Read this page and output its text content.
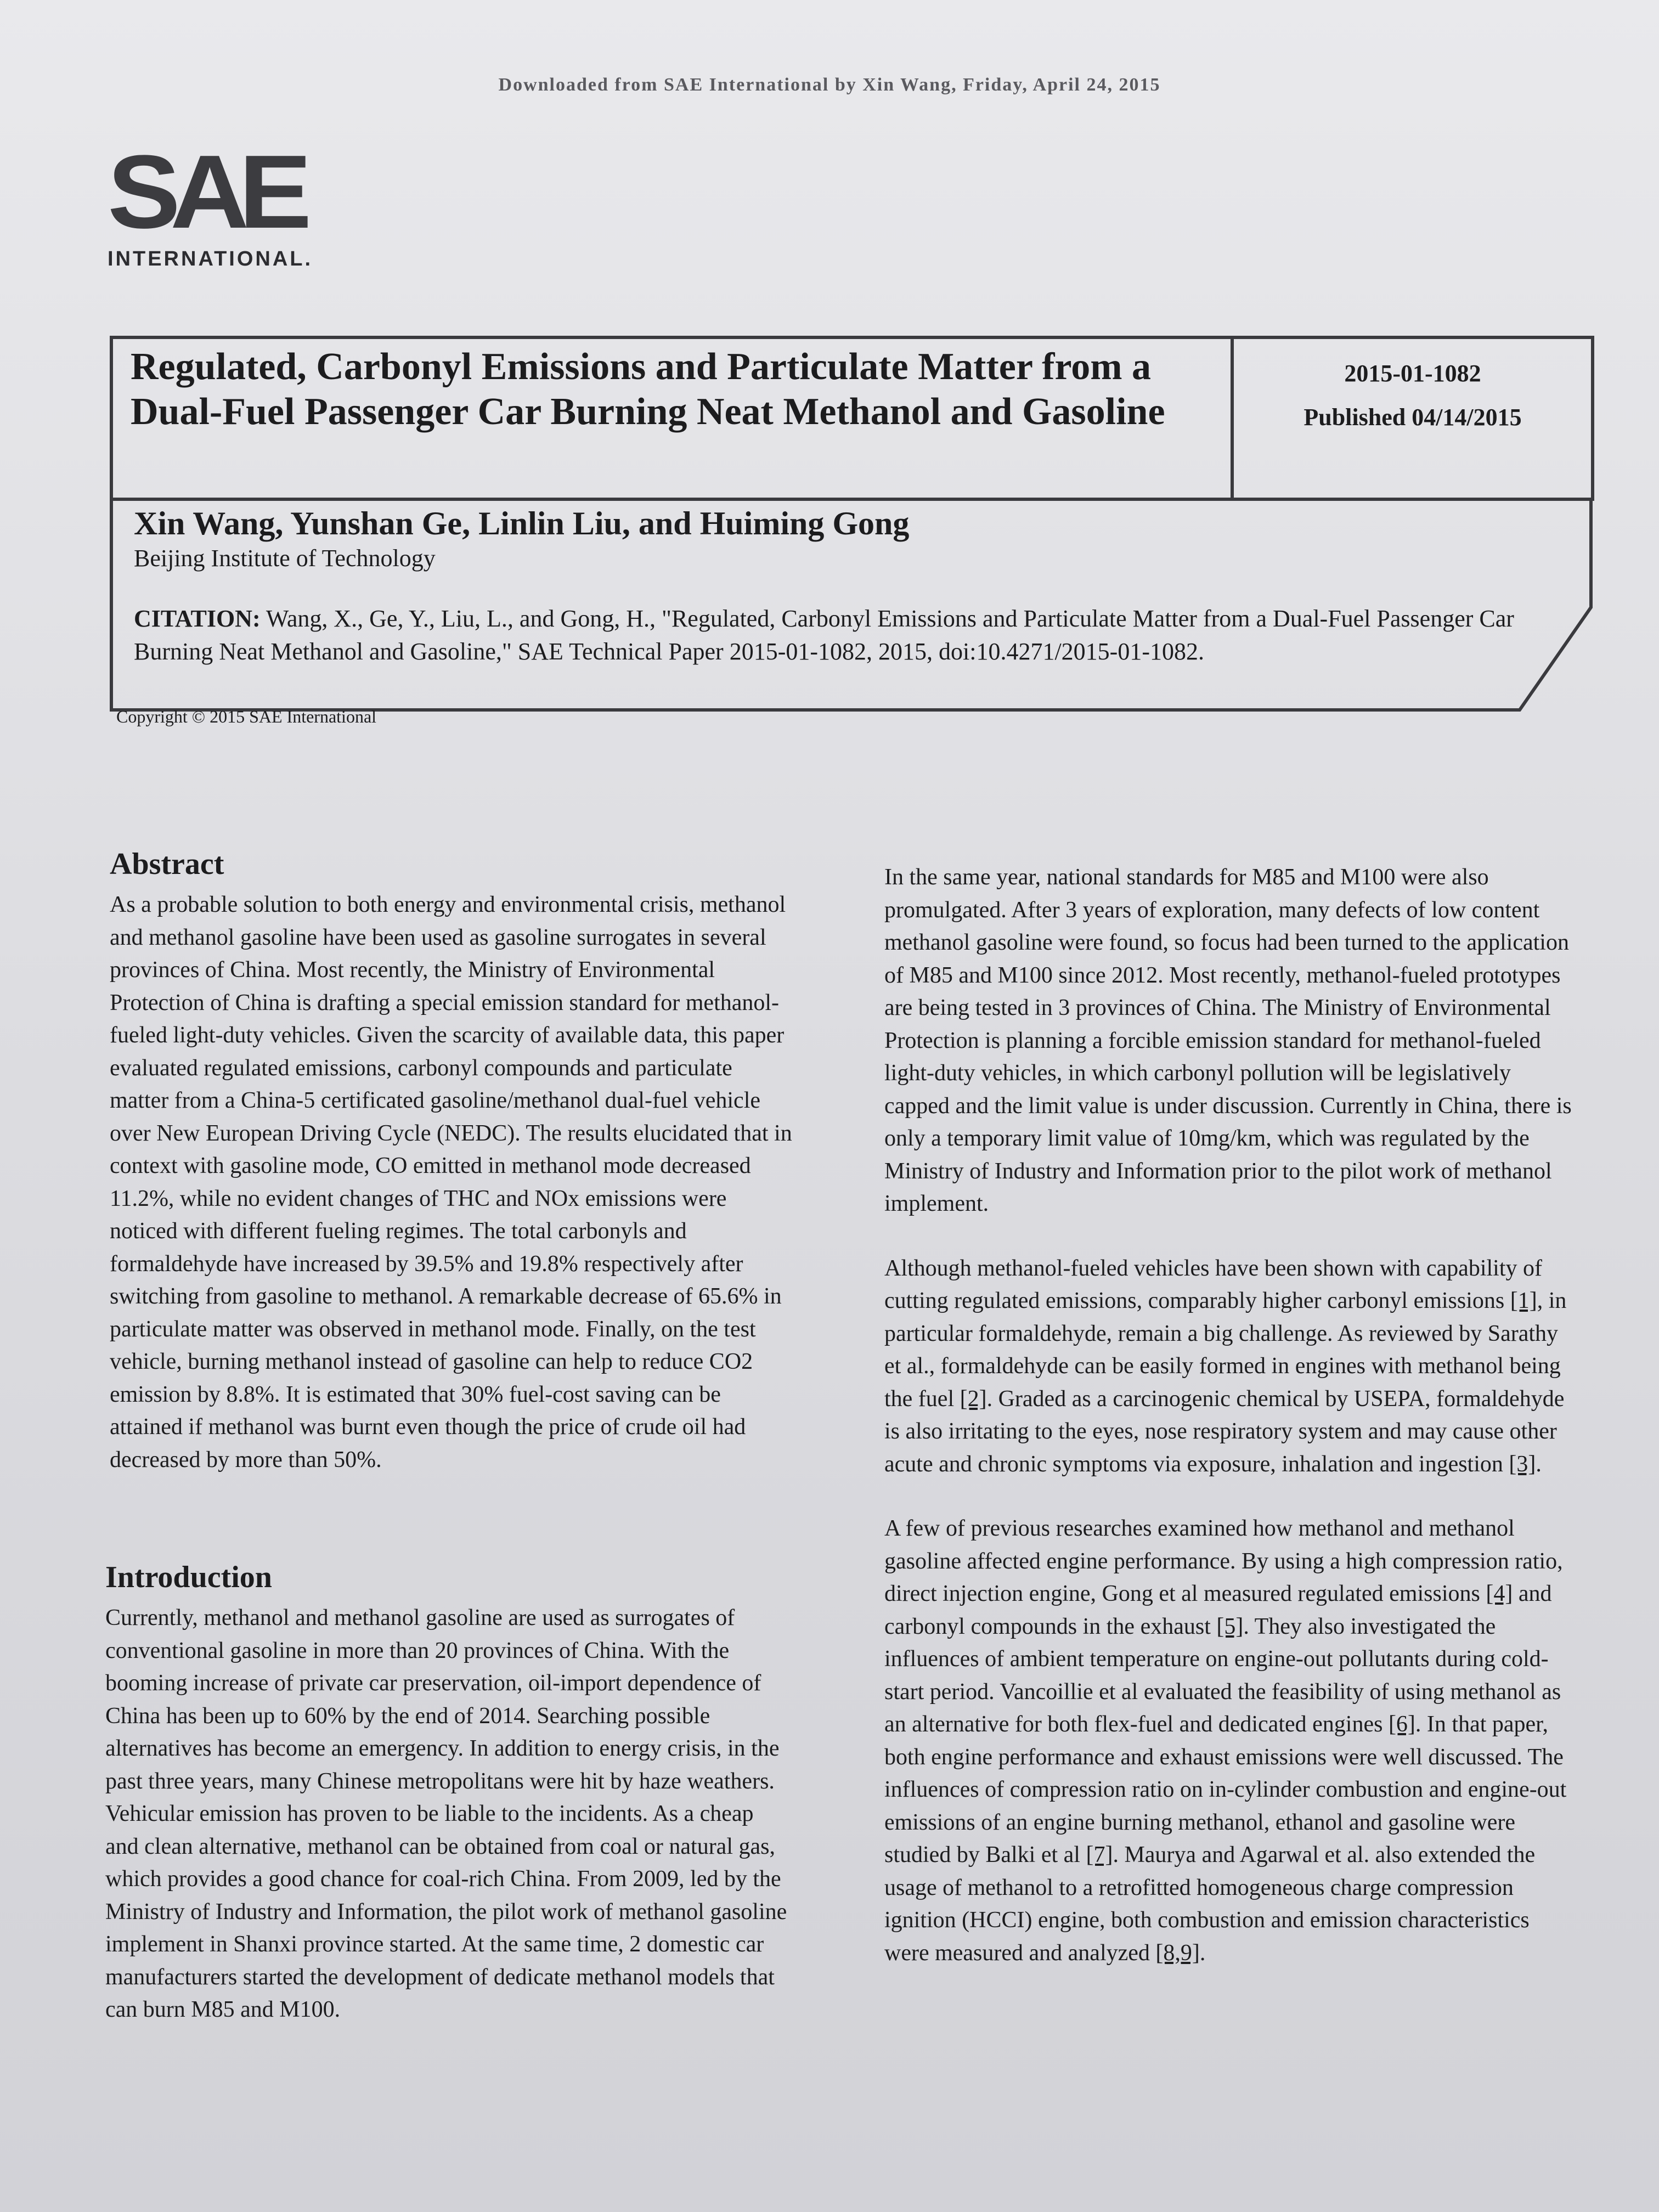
Downloaded from SAE International by Xin Wang, Friday, April 24, 2015
SAE
INTERNATIONAL.
Regulated, Carbonyl Emissions and Particulate Matter from a Dual-Fuel Passenger Car Burning Neat Methanol and Gasoline
2015-01-1082
Published 04/14/2015
Xin Wang, Yunshan Ge, Linlin Liu, and Huiming Gong
Beijing Institute of Technology
CITATION: Wang, X., Ge, Y., Liu, L., and Gong, H., "Regulated, Carbonyl Emissions and Particulate Matter from a Dual-Fuel Passenger Car Burning Neat Methanol and Gasoline," SAE Technical Paper 2015-01-1082, 2015, doi:10.4271/2015-01-1082.
Copyright © 2015 SAE International
Abstract

As a probable solution to both energy and environmental crisis, methanol and methanol gasoline have been used as gasoline surrogates in several provinces of China. Most recently, the Ministry of Environmental Protection of China is drafting a special emission standard for methanol-fueled light-duty vehicles. Given the scarcity of available data, this paper evaluated regulated emissions, carbonyl compounds and particulate matter from a China-5 certificated gasoline/methanol dual-fuel vehicle over New European Driving Cycle (NEDC). The results elucidated that in context with gasoline mode, CO emitted in methanol mode decreased 11.2%, while no evident changes of THC and NOx emissions were noticed with different fueling regimes. The total carbonyls and formaldehyde have increased by 39.5% and 19.8% respectively after switching from gasoline to methanol. A remarkable decrease of 65.6% in particulate matter was observed in methanol mode. Finally, on the test vehicle, burning methanol instead of gasoline can help to reduce CO2 emission by 8.8%. It is estimated that 30% fuel-cost saving can be attained if methanol was burnt even though the price of crude oil had decreased by more than 50%.

Introduction

Currently, methanol and methanol gasoline are used as surrogates of conventional gasoline in more than 20 provinces of China. With the booming increase of private car preservation, oil-import dependence of China has been up to 60% by the end of 2014. Searching possible alternatives has become an emergency. In addition to energy crisis, in the past three years, many Chinese metropolitans were hit by haze weathers. Vehicular emission has proven to be liable to the incidents. As a cheap and clean alternative, methanol can be obtained from coal or natural gas, which provides a good chance for coal-rich China. From 2009, led by the Ministry of Industry and Information, the pilot work of methanol gasoline implement in Shanxi province started. At the same time, 2 domestic car manufacturers started the development of dedicate methanol models that can burn M85 and M100.

In the same year, national standards for M85 and M100 were also promulgated. After 3 years of exploration, many defects of low content methanol gasoline were found, so focus had been turned to the application of M85 and M100 since 2012. Most recently, methanol-fueled prototypes are being tested in 3 provinces of China. The Ministry of Environmental Protection is planning a forcible emission standard for methanol-fueled light-duty vehicles, in which carbonyl pollution will be legislatively capped and the limit value is under discussion. Currently in China, there is only a temporary limit value of 10mg/km, which was regulated by the Ministry of Industry and Information prior to the pilot work of methanol implement.

Although methanol-fueled vehicles have been shown with capability of cutting regulated emissions, comparably higher carbonyl emissions [1], in particular formaldehyde, remain a big challenge. As reviewed by Sarathy et al., formaldehyde can be easily formed in engines with methanol being the fuel [2]. Graded as a carcinogenic chemical by USEPA, formaldehyde is also irritating to the eyes, nose respiratory system and may cause other acute and chronic symptoms via exposure, inhalation and ingestion [3].

A few of previous researches examined how methanol and methanol gasoline affected engine performance. By using a high compression ratio, direct injection engine, Gong et al measured regulated emissions [4] and carbonyl compounds in the exhaust [5]. They also investigated the influences of ambient temperature on engine-out pollutants during cold-start period. Vancoillie et al evaluated the feasibility of using methanol as an alternative for both flex-fuel and dedicated engines [6]. In that paper, both engine performance and exhaust emissions were well discussed. The influences of compression ratio on in-cylinder combustion and engine-out emissions of an engine burning methanol, ethanol and gasoline were studied by Balki et al [7]. Maurya and Agarwal et al. also extended the usage of methanol to a retrofitted homogeneous charge compression ignition (HCCI) engine, both combustion and emission characteristics were measured and analyzed [8,9].
